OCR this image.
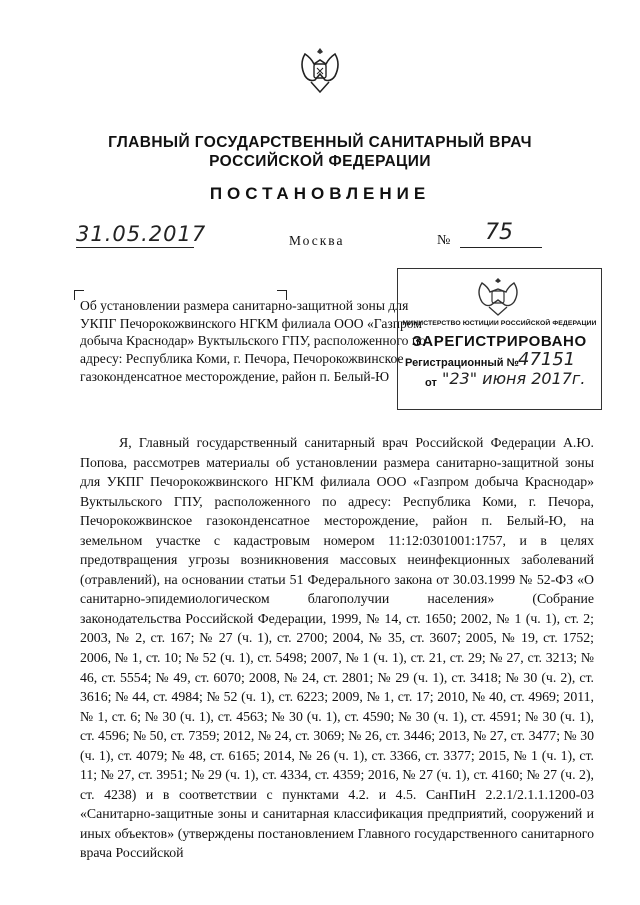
ГЛАВНЫЙ ГОСУДАРСТВЕННЫЙ САНИТАРНЫЙ ВРАЧ
РОССИЙСКОЙ ФЕДЕРАЦИИ
ПОСТАНОВЛЕНИЕ
31.05.2017	Москва	№ 75
Об установлении размера санитарно-защитной зоны для УКПГ Печорокожвинского НГКМ филиала ООО «Газпром добыча Краснодар» Вуктыльского ГПУ, расположенного по адресу: Республика Коми, г. Печора, Печорокожвинское газоконденсатное месторождение, район п. Белый-Ю
МИНИСТЕРСТВО ЮСТИЦИИ РОССИЙСКОЙ ФЕДЕРАЦИИ
ЗАРЕГИСТРИРОВАНО
Регистрационный № 47151
от "23" июня 2017г.
Я, Главный государственный санитарный врач Российской Федерации А.Ю. Попова, рассмотрев материалы об установлении размера санитарно-защитной зоны для УКПГ Печорокожвинского НГКМ филиала ООО «Газпром добыча Краснодар» Вуктыльского ГПУ, расположенного по адресу: Республика Коми, г. Печора, Печорокожвинское газоконденсатное месторождение, район п. Белый-Ю, на земельном участке с кадастровым номером 11:12:0301001:1757, и в целях предотвращения угрозы возникновения массовых неинфекционных заболеваний (отравлений), на основании статьи 51 Федерального закона от 30.03.1999 № 52-ФЗ «О санитарно-эпидемиологическом благополучии населения» (Собрание законодательства Российской Федерации, 1999, № 14, ст. 1650; 2002, № 1 (ч. 1), ст. 2; 2003, № 2, ст. 167; № 27 (ч. 1), ст. 2700; 2004, № 35, ст. 3607; 2005, № 19, ст. 1752; 2006, № 1, ст. 10; № 52 (ч. 1), ст. 5498; 2007, № 1 (ч. 1), ст. 21, ст. 29; № 27, ст. 3213; № 46, ст. 5554; № 49, ст. 6070; 2008, № 24, ст. 2801; № 29 (ч. 1), ст. 3418; № 30 (ч. 2), ст. 3616; № 44, ст. 4984; № 52 (ч. 1), ст. 6223; 2009, № 1, ст. 17; 2010, № 40, ст. 4969; 2011, № 1, ст. 6; № 30 (ч. 1), ст. 4563; № 30 (ч. 1), ст. 4590; № 30 (ч. 1), ст. 4591; № 30 (ч. 1), ст. 4596; № 50, ст. 7359; 2012, № 24, ст. 3069; № 26, ст. 3446; 2013, № 27, ст. 3477; № 30 (ч. 1), ст. 4079; № 48, ст. 6165; 2014, № 26 (ч. 1), ст. 3366, ст. 3377; 2015, № 1 (ч. 1), ст. 11; № 27, ст. 3951; № 29 (ч. 1), ст. 4334, ст. 4359; 2016, № 27 (ч. 1), ст. 4160; № 27 (ч. 2), ст. 4238) и в соответствии с пунктами 4.2. и 4.5. СанПиН 2.2.1/2.1.1.1200-03 «Санитарно-защитные зоны и санитарная классификация предприятий, сооружений и иных объектов» (утверждены постановлением Главного государственного санитарного врача Российской
